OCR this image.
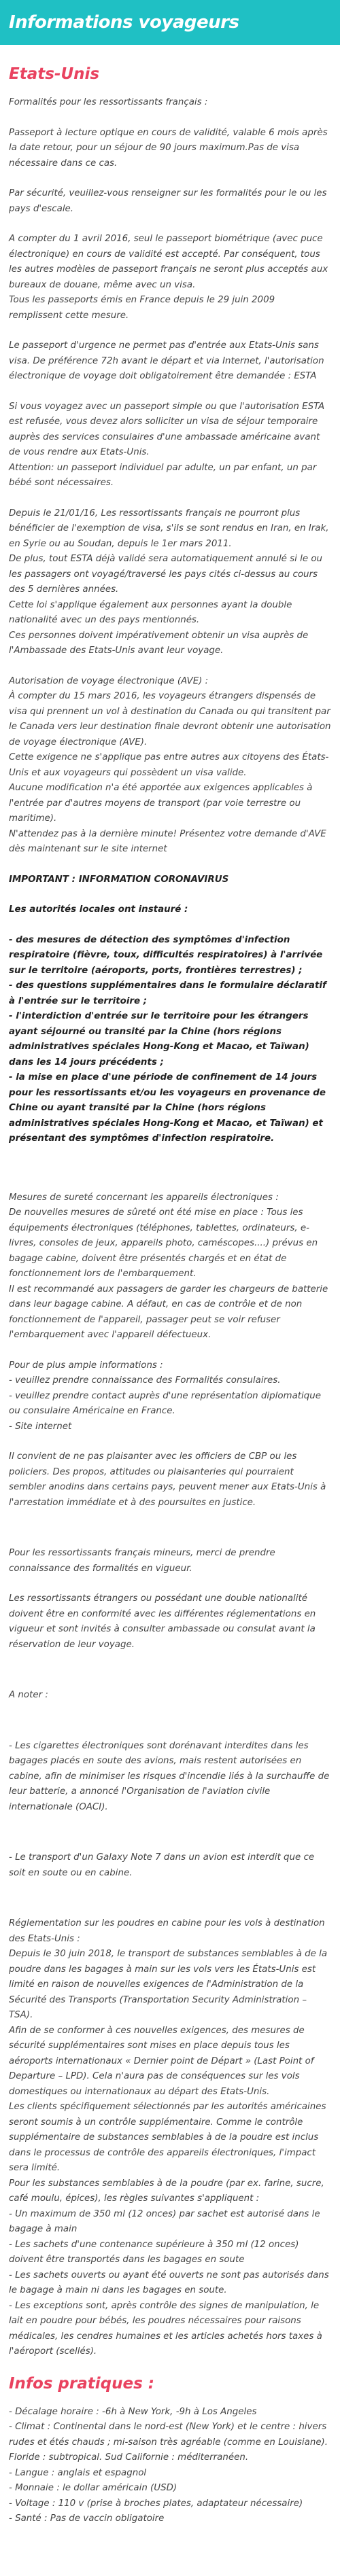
Informations voyageurs
Etats-Unis

Formalités pour les ressortissants français :

Passeport à lecture optique en cours de validité, valable 6 mois après la date retour, pour un séjour de 90 jours maximum.Pas de visa nécessaire dans ce cas.

Par sécurité, veuillez-vous renseigner sur les formalités pour le ou les pays d'escale.

A compter du 1 avril 2016, seul le passeport biométrique (avec puce électronique) en cours de validité est accepté. Par conséquent, tous les autres modèles de passeport français ne seront plus acceptés aux bureaux de douane, même avec un visa.
Tous les passeports émis en France depuis le 29 juin 2009 remplissent cette mesure.

Le passeport d'urgence ne permet pas d'entrée aux Etats-Unis sans visa. De préférence 72h avant le départ et via Internet, l'autorisation électronique de voyage doit obligatoirement être demandée : ESTA

Si vous voyagez avec un passeport simple ou que l'autorisation ESTA est refusée, vous devez alors solliciter un visa de séjour temporaire auprès des services consulaires d'une ambassade américaine avant de vous rendre aux Etats-Unis.
Attention: un passeport individuel par adulte, un par enfant, un par bébé sont nécessaires.

Depuis le 21/01/16, Les ressortissants français ne pourront plus bénéficier de l'exemption de visa, s'ils se sont rendus en Iran, en Irak, en Syrie ou au Soudan, depuis le 1er mars 2011.
De plus, tout ESTA déjà validé sera automatiquement annulé si le ou les passagers ont voyagé/traversé les pays cités ci-dessus au cours des 5 dernières années.
Cette loi s'applique également aux personnes ayant la double nationalité avec un des pays mentionnés.
Ces personnes doivent impérativement obtenir un visa auprès de l'Ambassade des Etats-Unis avant leur voyage.

Autorisation de voyage électronique (AVE) :
À compter du 15 mars 2016, les voyageurs étrangers dispensés de visa qui prennent un vol à destination du Canada ou qui transitent par le Canada vers leur destination finale devront obtenir une autorisation de voyage électronique (AVE).
Cette exigence ne s'applique pas entre autres aux citoyens des États-Unis et aux voyageurs qui possèdent un visa valide.
Aucune modification n'a été apportée aux exigences applicables à l'entrée par d'autres moyens de transport (par voie terrestre ou maritime).
N'attendez pas à la dernière minute! Présentez votre demande d'AVE dès maintenant sur le site internet

IMPORTANT : INFORMATION CORONAVIRUS

Les autorités locales ont instauré :

- des mesures de détection des symptômes d'infection respiratoire (fièvre, toux, difficultés respiratoires) à l'arrivée sur le territoire (aéroports, ports, frontières terrestres) ;
- des questions supplémentaires dans le formulaire déclaratif à l'entrée sur le territoire ;
- l'interdiction d'entrée sur le territoire pour les étrangers ayant séjourné ou transité par la Chine (hors régions administratives spéciales Hong-Kong et Macao, et Taïwan) dans les 14 jours précédents ;
- la mise en place d'une période de confinement de 14 jours pour les ressortissants et/ou les voyageurs en provenance de Chine ou ayant transité par la Chine (hors régions administratives spéciales Hong-Kong et Macao, et Taïwan) et présentant des symptômes d'infection respiratoire.

Mesures de sureté concernant les appareils électroniques :
De nouvelles mesures de sûreté ont été mise en place : Tous les équipements électroniques (téléphones, tablettes, ordinateurs, e-livres, consoles de jeux, appareils photo, caméscopes....) prévus en bagage cabine, doivent être présentés chargés et en état de fonctionnement lors de l'embarquement.
Il est recommandé aux passagers de garder les chargeurs de batterie dans leur bagage cabine. A défaut, en cas de contrôle et de non fonctionnement de l'appareil, passager peut se voir refuser l'embarquement avec l'appareil défectueux.

Pour de plus ample informations :
- veuillez prendre connaissance des Formalités consulaires.
- veuillez prendre contact auprès d'une représentation diplomatique ou consulaire Américaine en France.
- Site internet

Il convient de ne pas plaisanter avec les officiers de CBP ou les policiers. Des propos, attitudes ou plaisanteries qui pourraient sembler anodins dans certains pays, peuvent mener aux Etats-Unis à l'arrestation immédiate et à des poursuites en justice.

Pour les ressortissants français mineurs, merci de prendre connaissance des formalités en vigueur.

Les ressortissants étrangers ou possédant une double nationalité doivent être en conformité avec les différentes réglementations en vigueur et sont invités à consulter ambassade ou consulat avant la réservation de leur voyage.

A noter :

- Les cigarettes électroniques sont dorénavant interdites dans les bagages placés en soute des avions, mais restent autorisées en cabine, afin de minimiser les risques d'incendie liés à la surchauffe de leur batterie, a annoncé l'Organisation de l'aviation civile internationale (OACI).

- Le transport d'un Galaxy Note 7 dans un avion est interdit que ce soit en soute ou en cabine.

Réglementation sur les poudres en cabine pour les vols à destination des Etats-Unis :
Depuis le 30 juin 2018, le transport de substances semblables à de la poudre dans les bagages à main sur les vols vers les États-Unis est limité en raison de nouvelles exigences de l'Administration de la Sécurité des Transports (Transportation Security Administration – TSA).
Afin de se conformer à ces nouvelles exigences, des mesures de sécurité supplémentaires sont mises en place depuis tous les aéroports internationaux « Dernier point de Départ » (Last Point of Departure – LPD). Cela n'aura pas de conséquences sur les vols domestiques ou internationaux au départ des Etats-Unis.
Les clients spécifiquement sélectionnés par les autorités américaines seront soumis à un contrôle supplémentaire. Comme le contrôle supplémentaire de substances semblables à de la poudre est inclus dans le processus de contrôle des appareils électroniques, l'impact sera limité.
Pour les substances semblables à de la poudre (par ex. farine, sucre, café moulu, épices), les règles suivantes s'appliquent :
- Un maximum de 350 ml (12 onces) par sachet est autorisé dans le bagage à main
- Les sachets d'une contenance supérieure à 350 ml (12 onces) doivent être transportés dans les bagages en soute
- Les sachets ouverts ou ayant été ouverts ne sont pas autorisés dans le bagage à main ni dans les bagages en soute.
- Les exceptions sont, après contrôle des signes de manipulation, le lait en poudre pour bébés, les poudres nécessaires pour raisons médicales, les cendres humaines et les articles achetés hors taxes à l'aéroport (scellés).

Infos pratiques :

- Décalage horaire : -6h à New York, -9h à Los Angeles
- Climat : Continental dans le nord-est (New York) et le centre : hivers rudes et étés chauds ; mi-saison très agréable (comme en Louisiane). Floride : subtropical. Sud Californie : méditerranéen.
- Langue : anglais et espagnol
- Monnaie : le dollar américain (USD)
- Voltage : 110 v (prise à broches plates, adaptateur nécessaire)
- Santé : Pas de vaccin obligatoire
